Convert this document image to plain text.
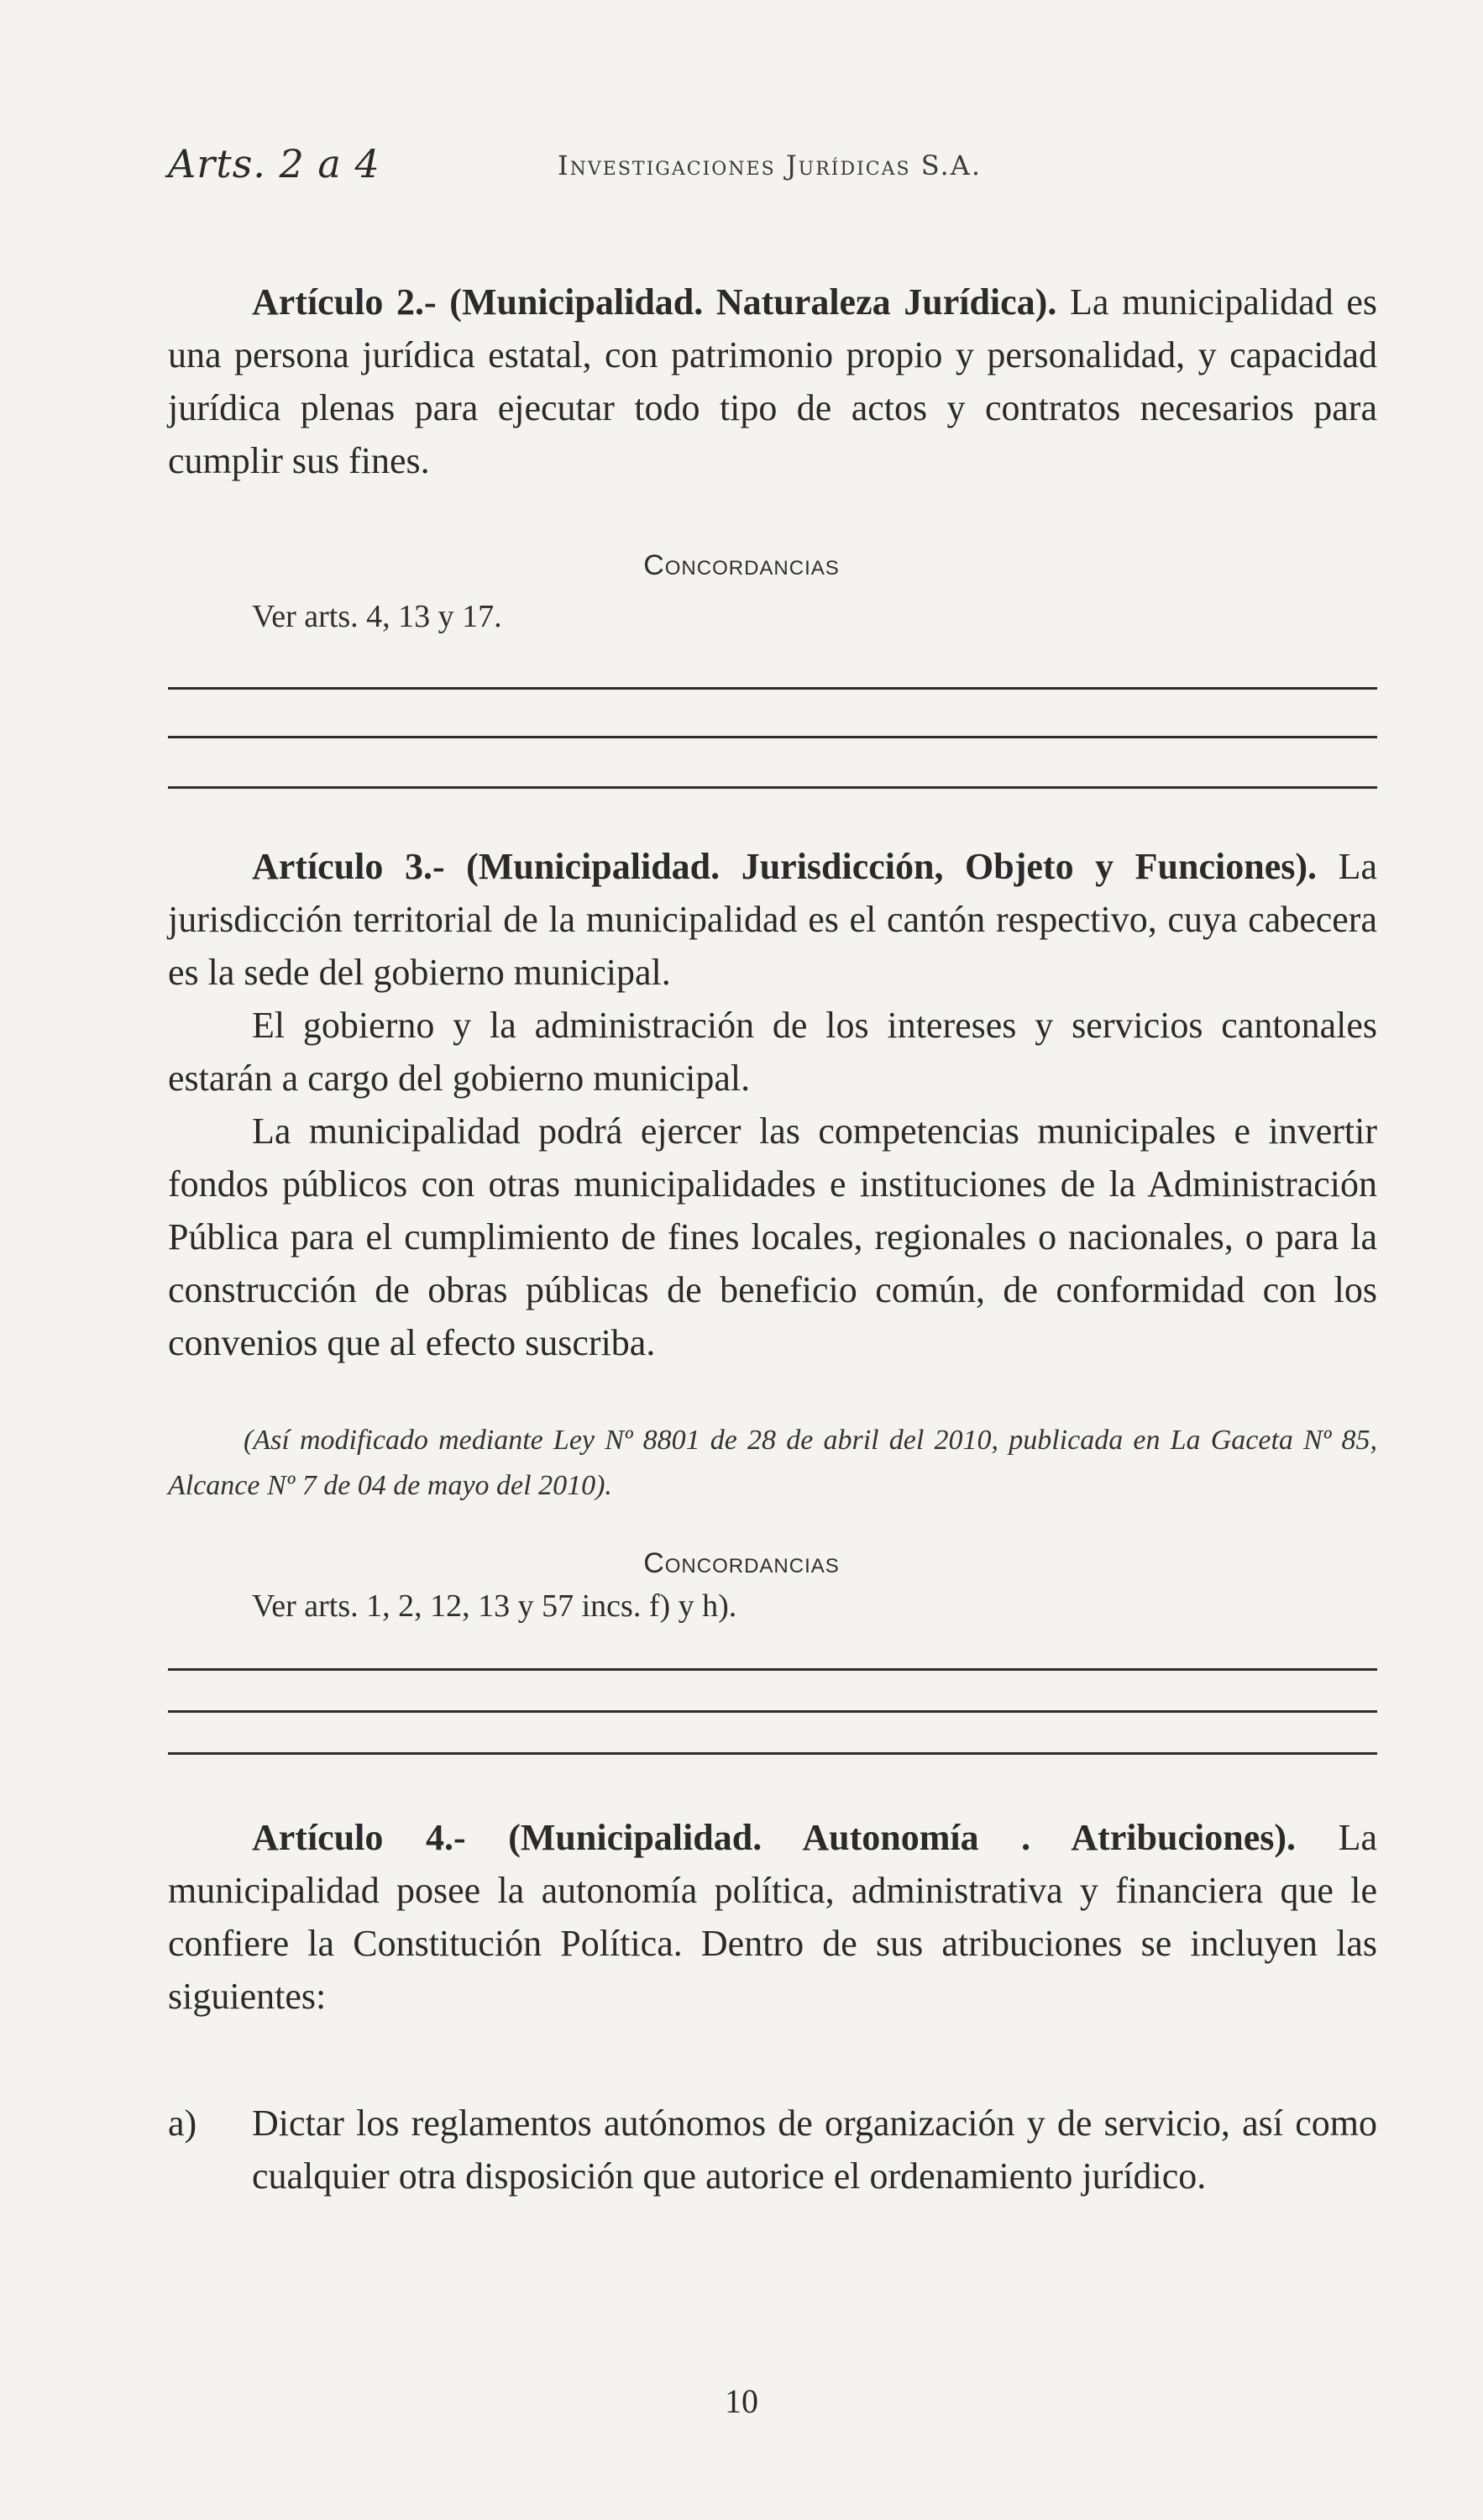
Arts. 2 a 4	Investigaciones Jurídicas S.A.

Artículo 2.- (Municipalidad. Naturaleza Jurídica). La municipalidad es una persona jurídica estatal, con patrimonio propio y personalidad, y capacidad jurídica plenas para ejecutar todo tipo de actos y contratos necesarios para cumplir sus fines.

Concordancias
Ver arts. 4, 13 y 17.

Artículo 3.- (Municipalidad. Jurisdicción, Objeto y Funciones). La jurisdicción territorial de la municipalidad es el cantón respectivo, cuya cabecera es la sede del gobierno municipal.

El gobierno y la administración de los intereses y servicios cantonales estarán a cargo del gobierno municipal.

La municipalidad podrá ejercer las competencias municipales e invertir fondos públicos con otras municipalidades e instituciones de la Administración Pública para el cumplimiento de fines locales, regionales o nacionales, o para la construcción de obras públicas de beneficio común, de conformidad con los convenios que al efecto suscriba.

(Así modificado mediante Ley Nº 8801 de 28 de abril del 2010, publicada en La Gaceta Nº 85, Alcance Nº 7 de 04 de mayo del 2010).
Concordancias
Ver arts. 1, 2, 12, 13 y 57 incs. f) y h).

Artículo 4.- (Municipalidad. Autonomía . Atribuciones). La municipalidad posee la autonomía política, administrativa y financiera que le confiere la Constitución Política. Dentro de sus atribuciones se incluyen las siguientes:

a) Dictar los reglamentos autónomos de organización y de servicio, así como cualquier otra disposición que autorice el ordenamiento jurídico.
10
